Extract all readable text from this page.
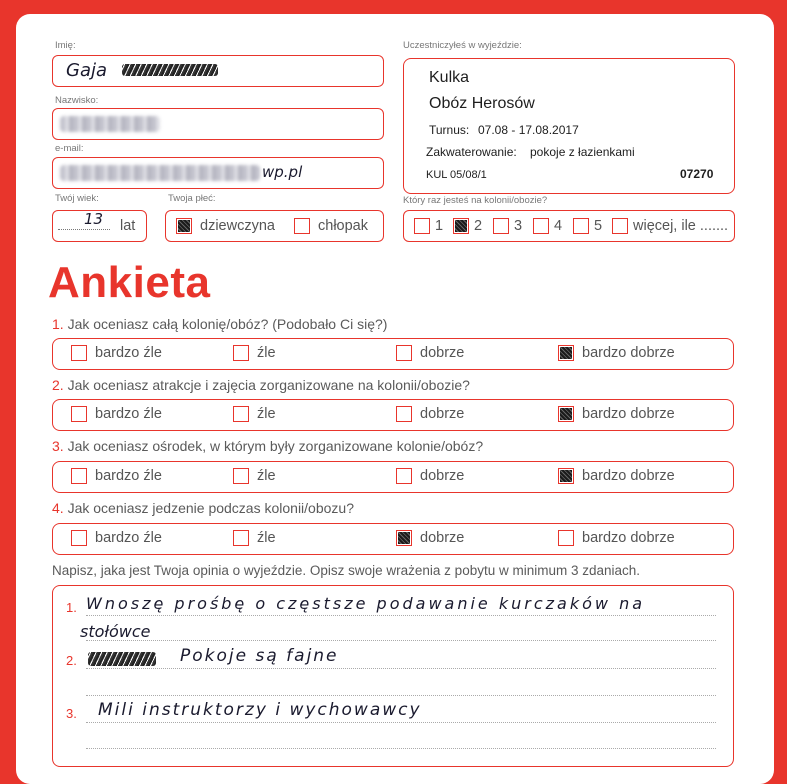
Imię:
Gaja
Nazwisko:
e-mail:
wp.pl
Twój wiek:
13 lat
Twoja płeć:
dziewczyna	chłopak
Uczestniczyłeś w wyjeździe:
Kulka
Obóz Herosów
Turnus: 07.08 - 17.08.2017
Zakwaterowanie: pokoje z łazienkami
KUL 05/08/1	07270
Który raz jesteś na kolonii/obozie?
1 2 3 4 5 więcej, ile .......
Ankieta
1. Jak oceniasz całą kolonię/obóz? (Podobało Ci się?)
bardzo źle	źle	dobrze	bardzo dobrze
2. Jak oceniasz atrakcje i zajęcia zorganizowane na kolonii/obozie?
bardzo źle	źle	dobrze	bardzo dobrze
3. Jak oceniasz ośrodek, w którym były zorganizowane kolonie/obóz?
bardzo źle	źle	dobrze	bardzo dobrze
4. Jak oceniasz jedzenie podczas kolonii/obozu?
bardzo źle	źle	dobrze	bardzo dobrze
Napisz, jaka jest Twoja opinia o wyjeździe. Opisz swoje wrażenia z pobytu w minimum 3 zdaniach.
1. Wnoszę prośbę o częstsze podawanie kurczaków na
stołówce
2.	Pokoje są fajne
3. Mili instruktorzy i wychowawcy
